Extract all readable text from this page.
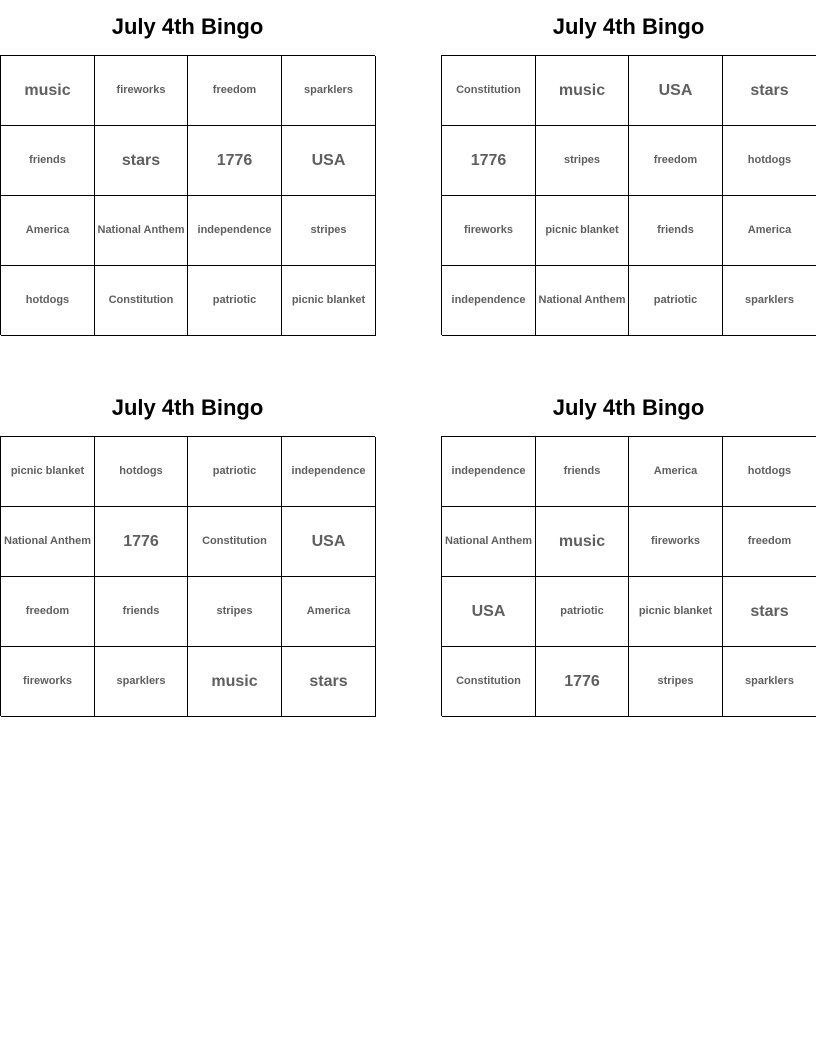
July 4th Bingo
music	fireworks	freedom	sparklers
friends	stars	1776	USA
America	National Anthem	independence	stripes
hotdogs	Constitution	patriotic	picnic blanket
July 4th Bingo
Constitution	music	USA	stars
1776	stripes	freedom	hotdogs
fireworks	picnic blanket	friends	America
independence	National Anthem	patriotic	sparklers
July 4th Bingo
picnic blanket	hotdogs	patriotic	independence
National Anthem	1776	Constitution	USA
freedom	friends	stripes	America
fireworks	sparklers	music	stars
July 4th Bingo
independence	friends	America	hotdogs
National Anthem	music	fireworks	freedom
USA	patriotic	picnic blanket	stars
Constitution	1776	stripes	sparklers
